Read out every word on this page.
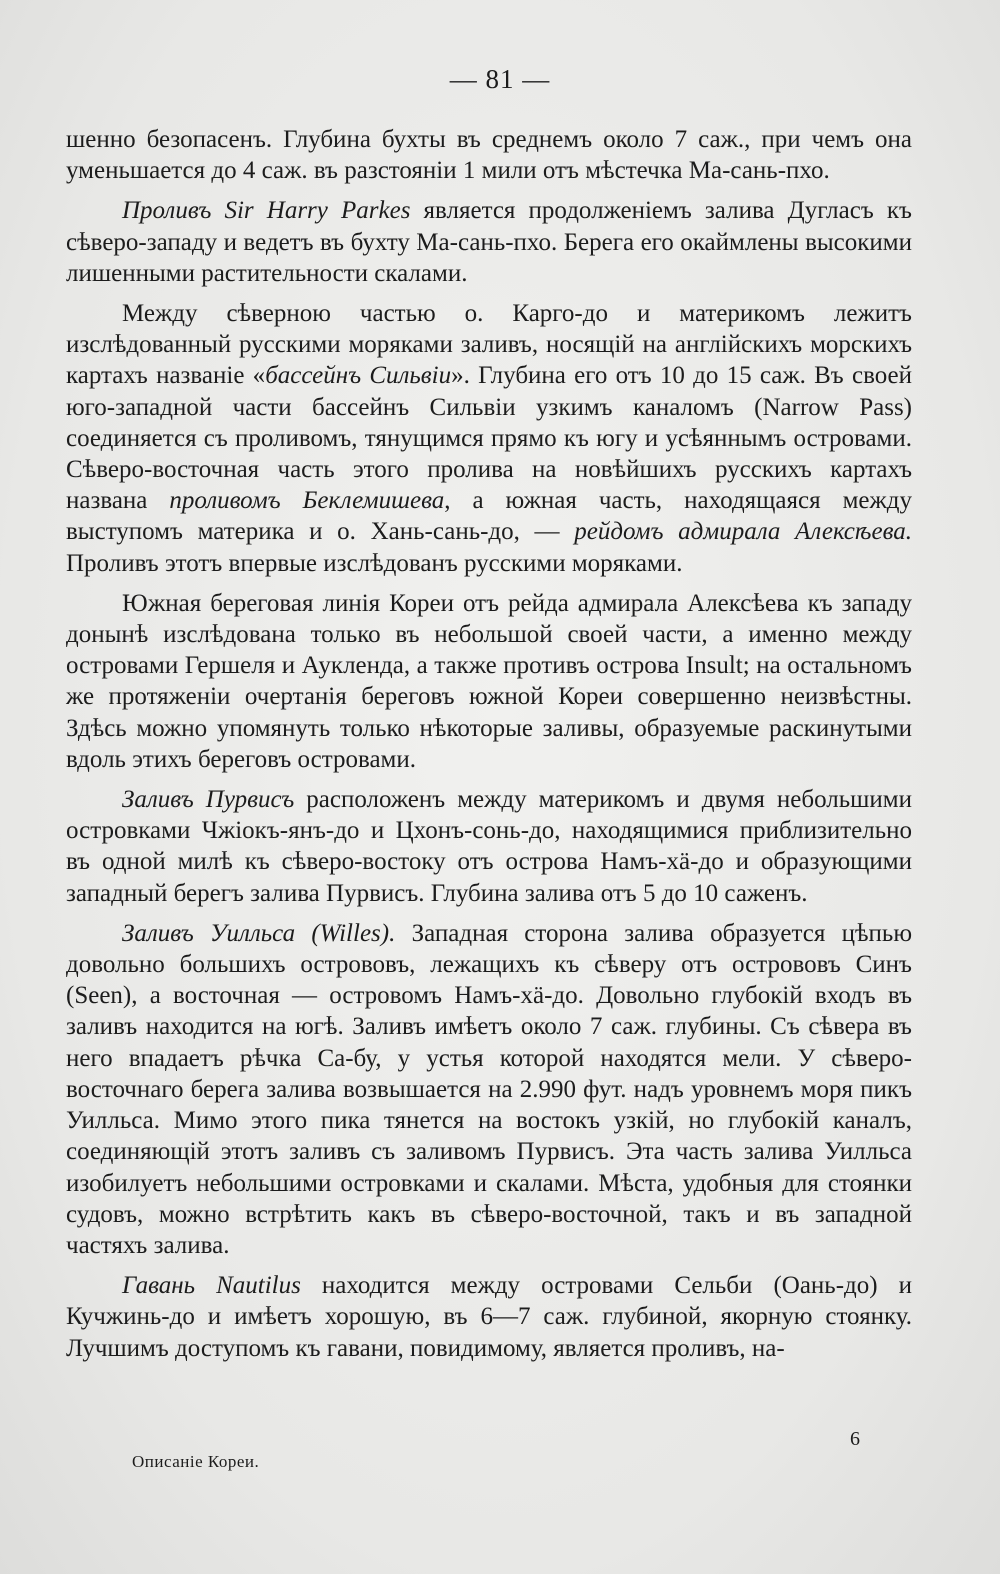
— 81 —

шенно безопасенъ. Глубина бухты въ среднемъ около 7 саж., при чемъ она уменьшается до 4 саж. въ разстоянiи 1 мили отъ мѣстечка Ма-сань-пхо.

Проливъ Sir Harry Parkes является продолженiемъ залива Дугласъ къ сѣверо-западу и ведетъ въ бухту Ма-сань-пхо. Берега его окаймлены высокими лишенными растительности скалами.

Между сѣверною частью о. Карго-до и материкомъ лежитъ изслѣдованный русскими моряками заливъ, носящiй на англiйскихъ морскихъ картахъ названiе «бассейнъ Сильвiи». Глубина его отъ 10 до 15 саж. Въ своей юго-западной части бассейнъ Сильвiи узкимъ каналомъ (Narrow Pass) соединяется съ проливомъ, тянущимся прямо къ югу и усѣяннымъ островами. Сѣверо-восточная часть этого пролива на новѣйшихъ русскихъ картахъ названа проливомъ Беклемишева, а южная часть, находящаяся между выступомъ материка и о. Хань-сань-до, — рейдомъ адмирала Алексѣева. Проливъ этотъ впервые изслѣдованъ русскими моряками.

Южная береговая линiя Кореи отъ рейда адмирала Алексѣева къ западу донынѣ изслѣдована только въ небольшой своей части, а именно между островами Гершеля и Аукленда, а также противъ острова Insult; на остальномъ же протяженiи очертанiя береговъ южной Кореи совершенно неизвѣстны. Здѣсь можно упомянуть только нѣкоторые заливы, образуемые раскинутыми вдоль этихъ береговъ островами.

Заливъ Пурвисъ расположенъ между материкомъ и двумя небольшими островками Чжiокъ-янъ-до и Цхонъ-сонь-до, находящимися приблизительно въ одной милѣ къ сѣверо-востоку отъ острова Намъ-хä-до и образующими западный берегъ залива Пурвисъ. Глубина залива отъ 5 до 10 саженъ.

Заливъ Уилльса (Willes). Западная сторона залива образуется цѣпью довольно большихъ острововъ, лежащихъ къ сѣверу отъ острововъ Синъ (Seen), а восточная — островомъ Намъ-хä-до. Довольно глубокiй входъ въ заливъ находится на югѣ. Заливъ имѣетъ около 7 саж. глубины. Съ сѣвера въ него впадаетъ рѣчка Са-бу, у устья которой находятся мели. У сѣверо-восточнаго берега залива возвышается на 2.990 фут. надъ уровнемъ моря пикъ Уилльса. Мимо этого пика тянется на востокъ узкiй, но глубокiй каналъ, соединяющiй этотъ заливъ съ заливомъ Пурвисъ. Эта часть залива Уилльса изобилуетъ небольшими островками и скалами. Мѣста, удобныя для стоянки судовъ, можно встрѣтить какъ въ сѣверо-восточной, такъ и въ западной частяхъ залива.

Гавань Nautilus находится между островами Сельби (Оань-до) и Кучжинь-до и имѣетъ хорошую, въ 6—7 саж. глубиной, якорную стоянку. Лучшимъ доступомъ къ гавани, повидимому, является проливъ, на-

Описанiе Кореи.
6
